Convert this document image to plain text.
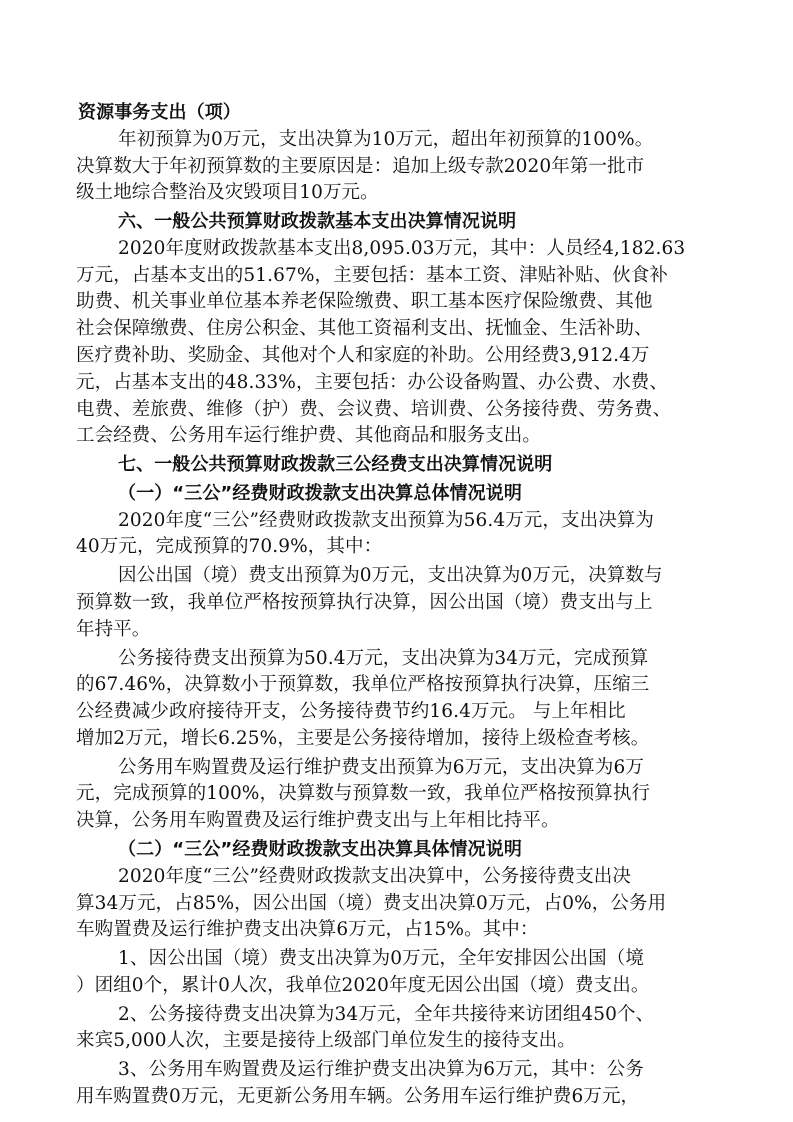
资源事务支出（项）
年初预算为0万元，支出决算为10万元，超出年初预算的100%。
决算数大于年初预算数的主要原因是：追加上级专款2020年第一批市
级土地综合整治及灾毁项目10万元。
六、一般公共预算财政拨款基本支出决算情况说明
2020年度财政拨款基本支出8,095.03万元，其中：人员经4,182.63
万元，占基本支出的51.67%，主要包括：基本工资、津贴补贴、伙食补
助费、机关事业单位基本养老保险缴费、职工基本医疗保险缴费、其他
社会保障缴费、住房公积金、其他工资福利支出、抚恤金、生活补助、
医疗费补助、奖励金、其他对个人和家庭的补助。公用经费3,912.4万
元，占基本支出的48.33%，主要包括：办公设备购置、办公费、水费、
电费、差旅费、维修（护）费、会议费、培训费、公务接待费、劳务费、
工会经费、公务用车运行维护费、其他商品和服务支出。
七、一般公共预算财政拨款三公经费支出决算情况说明
（一）“三公”经费财政拨款支出决算总体情况说明
2020年度“三公”经费财政拨款支出预算为56.4万元，支出决算为
40万元，完成预算的70.9%，其中：
因公出国（境）费支出预算为0万元，支出决算为0万元，决算数与
预算数一致，我单位严格按预算执行决算，因公出国（境）费支出与上
年持平。
公务接待费支出预算为50.4万元，支出决算为34万元，完成预算
的67.46%，决算数小于预算数，我单位严格按预算执行决算，压缩三
公经费减少政府接待开支，公务接待费节约16.4万元。 与上年相比
增加2万元，增长6.25%，主要是公务接待增加，接待上级检查考核。
公务用车购置费及运行维护费支出预算为6万元，支出决算为6万
元，完成预算的100%，决算数与预算数一致，我单位严格按预算执行
决算，公务用车购置费及运行维护费支出与上年相比持平。
（二）“三公”经费财政拨款支出决算具体情况说明
2020年度“三公”经费财政拨款支出决算中，公务接待费支出决
算34万元，占85%，因公出国（境）费支出决算0万元，占0%，公务用
车购置费及运行维护费支出决算6万元，占15%。其中：
1、因公出国（境）费支出决算为0万元，全年安排因公出国（境
）团组0个，累计0人次，我单位2020年度无因公出国（境）费支出。
2、公务接待费支出决算为34万元，全年共接待来访团组450个、
来宾5,000人次，主要是接待上级部门单位发生的接待支出。
3、公务用车购置费及运行维护费支出决算为6万元，其中：公务
用车购置费0万元，无更新公务用车辆。公务用车运行维护费6万元，
